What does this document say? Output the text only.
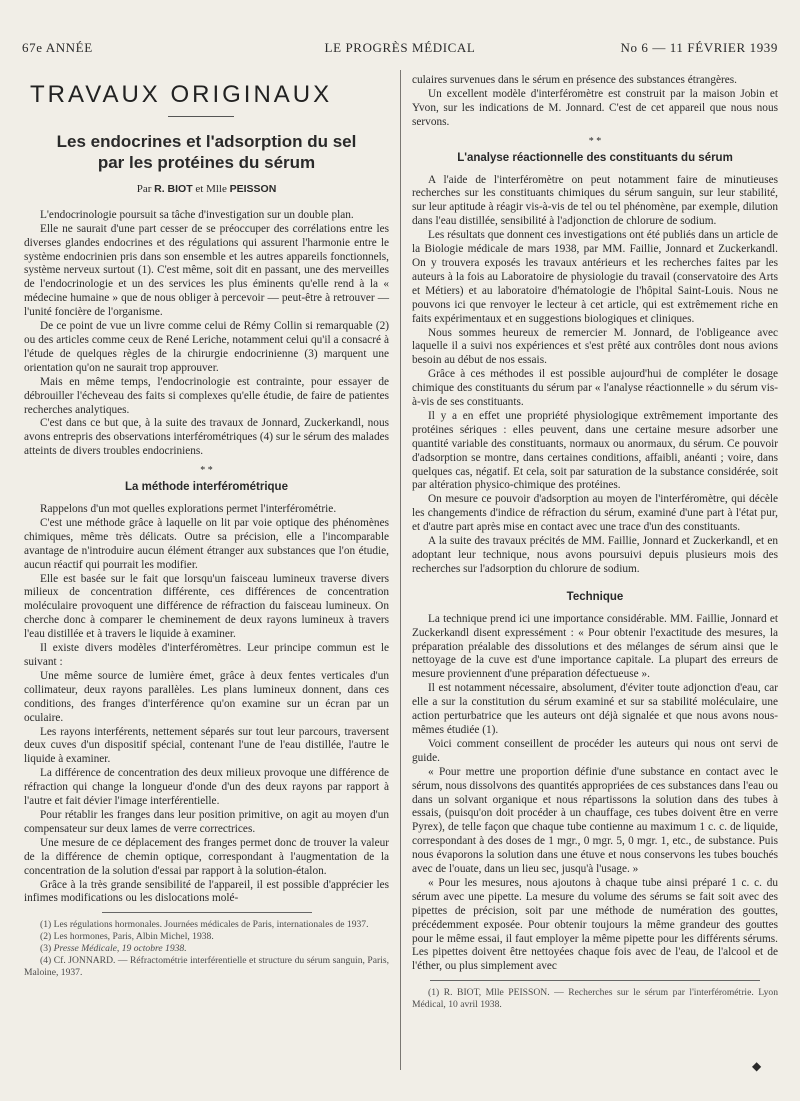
67e ANNÉE	LE PROGRÈS MÉDICAL	No 6 — 11 FÉVRIER 1939
TRAVAUX ORIGINAUX
Les endocrines et l'adsorption du sel
par les protéines du sérum
Par R. BIOT et Mlle PEISSON

L'endocrinologie poursuit sa tâche d'investigation sur un double plan.

Elle ne saurait d'une part cesser de se préoccuper des corrélations entre les diverses glandes endocrines et des régulations qui assurent l'harmonie entre le système endocrinien pris dans son ensemble et les autres appareils fonctionnels, système nerveux surtout (1). C'est même, soit dit en passant, une des merveilles de l'endocrinologie et un des services les plus éminents qu'elle rend à la « médecine humaine » que de nous obliger à percevoir — peut-être à retrouver — l'unité foncière de l'organisme.

De ce point de vue un livre comme celui de Rémy Collin si remarquable (2) ou des articles comme ceux de René Leriche, notamment celui qu'il a consacré à l'étude de quelques règles de la chirurgie endocrinienne (3) marquent une orientation qu'on ne saurait trop approuver.

Mais en même temps, l'endocrinologie est contrainte, pour essayer de débrouiller l'écheveau des faits si complexes qu'elle étudie, de faire de patientes recherches analytiques.

C'est dans ce but que, à la suite des travaux de Jonnard, Zuckerkandl, nous avons entrepris des observations interférométriques (4) sur le sérum des malades atteints de divers troubles endocriniens.

* *
La méthode interférométrique

Rappelons d'un mot quelles explorations permet l'interférométrie.

C'est une méthode grâce à laquelle on lit par voie optique des phénomènes chimiques, même très délicats. Outre sa précision, elle a l'incomparable avantage de n'introduire aucun élément étranger aux substances que l'on étudie, aucun réactif qui pourrait les modifier.

Elle est basée sur le fait que lorsqu'un faisceau lumineux traverse divers milieux de concentration différente, ces différences de concentration moléculaire provoquent une différence de réfraction du faisceau lumineux. On cherche donc à comparer le cheminement de deux rayons lumineux à travers l'eau distillée et à travers le liquide à examiner.

Il existe divers modèles d'interféromètres. Leur principe commun est le suivant :

Une même source de lumière émet, grâce à deux fentes verticales d'un collimateur, deux rayons parallèles. Les plans lumineux donnent, dans ces conditions, des franges d'interférence qu'on examine sur un écran par un oculaire.

Les rayons interférents, nettement séparés sur tout leur parcours, traversent deux cuves d'un dispositif spécial, contenant l'une de l'eau distillée, l'autre le liquide à examiner.

La différence de concentration des deux milieux provoque une différence de réfraction qui change la longueur d'onde d'un des deux rayons par rapport à l'autre et fait dévier l'image interférentielle.

Pour rétablir les franges dans leur position primitive, on agit au moyen d'un compensateur sur deux lames de verre correctrices.

Une mesure de ce déplacement des franges permet donc de trouver la valeur de la différence de chemin optique, correspondant à l'augmentation de la concentration de la solution d'essai par rapport à la solution-étalon.

Grâce à la très grande sensibilité de l'appareil, il est possible d'apprécier les infimes modifications ou les dislocations molé-

(1) Les régulations hormonales. Journées médicales de Paris, internationales de 1937.

(2) Les hormones, Paris, Albin Michel, 1938.

(3) Presse Médicale, 19 octobre 1938.

(4) Cf. JONNARD. — Réfractométrie interférentielle et structure du sérum sanguin, Paris, Maloine, 1937.

culaires survenues dans le sérum en présence des substances étrangères.

Un excellent modèle d'interféromètre est construit par la maison Jobin et Yvon, sur les indications de M. Jonnard. C'est de cet appareil que nous nous servons.

* *
L'analyse réactionnelle des constituants du sérum

A l'aide de l'interféromètre on peut notamment faire de minutieuses recherches sur les constituants chimiques du sérum sanguin, sur leur stabilité, sur leur aptitude à réagir vis-à-vis de tel ou tel phénomène, par exemple, dilution dans l'eau distillée, sensibilité à l'adjonction de chlorure de sodium.

Les résultats que donnent ces investigations ont été publiés dans un article de la Biologie médicale de mars 1938, par MM. Faillie, Jonnard et Zuckerkandl. On y trouvera exposés les travaux antérieurs et les recherches faites par les auteurs à la fois au Laboratoire de physiologie du travail (conservatoire des Arts et Métiers) et au laboratoire d'hématologie de l'hôpital Saint-Louis. Nous ne pouvons ici que renvoyer le lecteur à cet article, qui est extrêmement riche en faits expérimentaux et en suggestions biologiques et cliniques.

Nous sommes heureux de remercier M. Jonnard, de l'obligeance avec laquelle il a suivi nos expériences et s'est prêté aux contrôles dont nous avions besoin au début de nos essais.

Grâce à ces méthodes il est possible aujourd'hui de compléter le dosage chimique des constituants du sérum par « l'analyse réactionnelle » du sérum vis-à-vis de ses constituants.

Il y a en effet une propriété physiologique extrêmement importante des protéines sériques : elles peuvent, dans une certaine mesure adsorber une quantité variable des constituants, normaux ou anormaux, du sérum. Ce pouvoir d'adsorption se montre, dans certaines conditions, affaibli, anéanti ; voire, dans quelques cas, négatif. Et cela, soit par saturation de la substance considérée, soit par altération physico-chimique des protéines.

On mesure ce pouvoir d'adsorption au moyen de l'interféromètre, qui décèle les changements d'indice de réfraction du sérum, examiné d'une part à l'état pur, et d'autre part après mise en contact avec une trace d'un des constituants.

A la suite des travaux précités de MM. Faillie, Jonnard et Zuckerkandl, et en adoptant leur technique, nous avons poursuivi depuis plusieurs mois des recherches sur l'adsorption du chlorure de sodium.

Technique

La technique prend ici une importance considérable. MM. Faillie, Jonnard et Zuckerkandl disent expressément : « Pour obtenir l'exactitude des mesures, la préparation préalable des dissolutions et des mélanges de sérum ainsi que le nettoyage de la cuve est d'une importance capitale. La plupart des erreurs de mesure proviennent d'une préparation défectueuse ».

Il est notamment nécessaire, absolument, d'éviter toute adjonction d'eau, car elle a sur la constitution du sérum examiné et sur sa stabilité moléculaire, une action perturbatrice que les auteurs ont déjà signalée et que nous avons nous-mêmes étudiée (1).

Voici comment conseillent de procéder les auteurs qui nous ont servi de guide.

« Pour mettre une proportion définie d'une substance en contact avec le sérum, nous dissolvons des quantités appropriées de ces substances dans l'eau ou dans un solvant organique et nous répartissons la solution dans des tubes à essais, (puisqu'on doit procéder à un chauffage, ces tubes doivent être en verre Pyrex), de telle façon que chaque tube contienne au maximum 1 c. c. de liquide, correspondant à des doses de 1 mgr., 0 mgr. 5, 0 mgr. 1, etc., de substance. Puis nous évaporons la solution dans une étuve et nous conservons les tubes bouchés avec de l'ouate, dans un lieu sec, jusqu'à l'usage. »

« Pour les mesures, nous ajoutons à chaque tube ainsi préparé 1 c. c. du sérum avec une pipette. La mesure du volume des sérums se fait soit avec des pipettes de précision, soit par une méthode de numération des gouttes, précédemment exposée. Pour obtenir toujours la même grandeur des gouttes pour le même essai, il faut employer la même pipette pour les différents sérums. Les pipettes doivent être nettoyées chaque fois avec de l'eau, de l'alcool et de l'éther, ou plus simplement avec

(1) R. BIOT, Mlle PEISSON. — Recherches sur le sérum par l'interférométrie. Lyon Médical, 10 avril 1938.

◆
